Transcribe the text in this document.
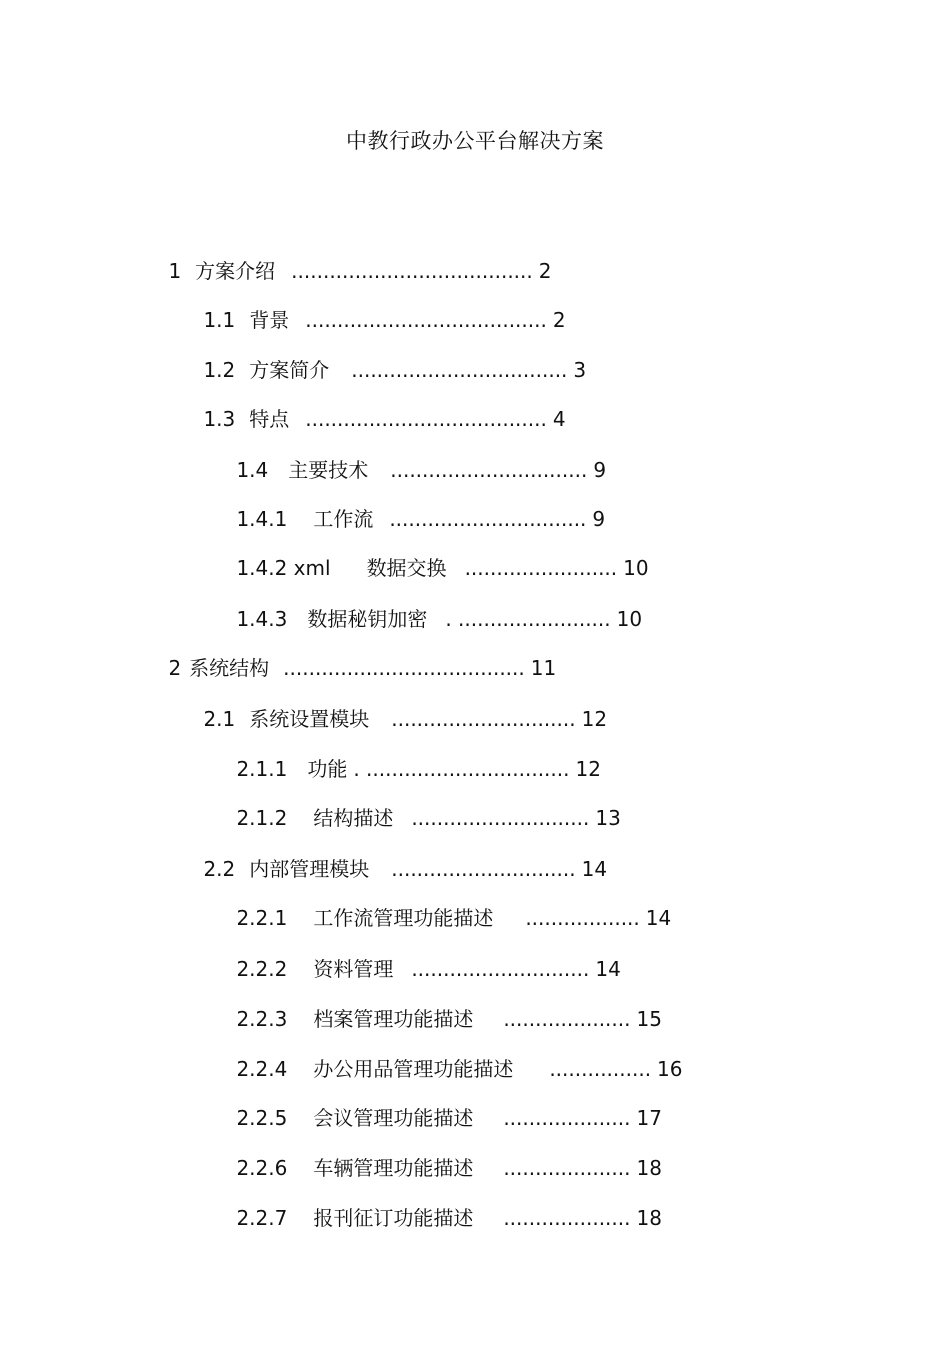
中教行政办公平台解决方案

1 方案介绍 ...................................... 2

1.1 背景 ...................................... 2

1.2 方案简介 .................................. 3

1.3 特点 ...................................... 4

1.4 主要技术 ............................... 9

1.4.1 工作流 ............................... 9

1.4.2 xml 数据交换 ........................ 10

1.4.3 数据秘钥加密 . ........................ 10

2 系统结构 ...................................... 11

2.1 系统设置模块 ............................. 12

2.1.1 功能 . ................................ 12

2.1.2 结构描述 ............................ 13

2.2 内部管理模块 ............................. 14

2.2.1 工作流管理功能描述 .................. 14

2.2.2 资料管理 ............................ 14

2.2.3 档案管理功能描述 .................... 15

2.2.4 办公用品管理功能描述 ................ 16

2.2.5 会议管理功能描述 .................... 17

2.2.6 车辆管理功能描述 .................... 18

2.2.7 报刊征订功能描述 .................... 18
